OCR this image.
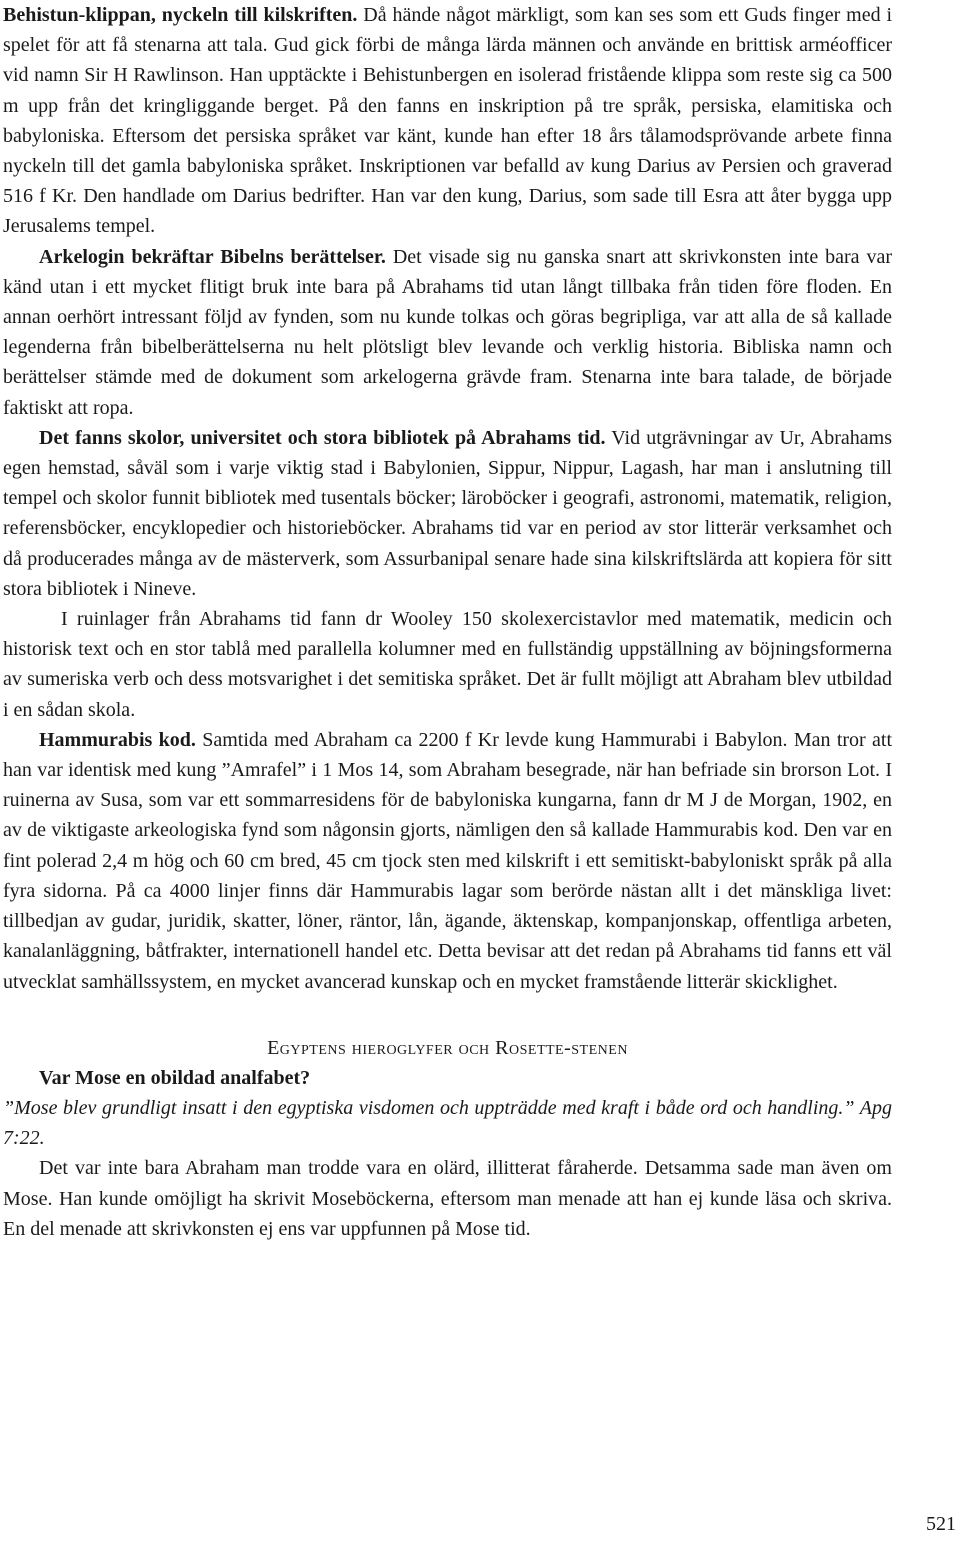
Behistun-klippan, nyckeln till kilskriften. Då hände något märkligt, som kan ses som ett Guds finger med i spelet för att få stenarna att tala. Gud gick förbi de många lärda männen och använde en brittisk arméofficer vid namn Sir H Rawlinson. Han upptäckte i Behistunbergen en isolerad fristående klippa som reste sig ca 500 m upp från det kringliggande berget. På den fanns en inskription på tre språk, persiska, elamitiska och babyloniska. Eftersom det persiska språket var känt, kunde han efter 18 års tålamodsprövande arbete finna nyckeln till det gamla babyloniska språket. Inskriptionen var befalld av kung Darius av Persien och graverad 516 f Kr. Den handlade om Darius bedrifter. Han var den kung, Darius, som sade till Esra att åter bygga upp Jerusalems tempel.

Arkelogin bekräftar Bibelns berättelser. Det visade sig nu ganska snart att skrivkonsten inte bara var känd utan i ett mycket flitigt bruk inte bara på Abrahams tid utan långt tillbaka från tiden före floden. En annan oerhört intressant följd av fynden, som nu kunde tolkas och göras begripliga, var att alla de så kallade legenderna från bibelberättelserna nu helt plötsligt blev levande och verklig historia. Bibliska namn och berättelser stämde med de dokument som arkelogerna grävde fram. Stenarna inte bara talade, de började faktiskt att ropa.

Det fanns skolor, universitet och stora bibliotek på Abrahams tid. Vid utgrävningar av Ur, Abrahams egen hemstad, såväl som i varje viktig stad i Babylonien, Sippur, Nippur, Lagash, har man i anslutning till tempel och skolor funnit bibliotek med tusentals böcker; läroböcker i geografi, astronomi, matematik, religion, referensböcker, encyklopedier och historieböcker. Abrahams tid var en period av stor litterär verksamhet och då producerades många av de mästerverk, som Assurbanipal senare hade sina kilskriftslärda att kopiera för sitt stora bibliotek i Nineve.

I ruinlager från Abrahams tid fann dr Wooley 150 skolexercistavlor med matematik, medicin och historisk text och en stor tablå med parallella kolumner med en fullständig uppställning av böjningsformerna av sumeriska verb och dess motsvarighet i det semitiska språket. Det är fullt möjligt att Abraham blev utbildad i en sådan skola.

Hammurabis kod. Samtida med Abraham ca 2200 f Kr levde kung Hammurabi i Babylon. Man tror att han var identisk med kung ”Amrafel” i 1 Mos 14, som Abraham besegrade, när han befriade sin brorson Lot. I ruinerna av Susa, som var ett sommarresidens för de babyloniska kungarna, fann dr M J de Morgan, 1902, en av de viktigaste arkeologiska fynd som någonsin gjorts, nämligen den så kallade Hammurabis kod. Den var en fint polerad 2,4 m hög och 60 cm bred, 45 cm tjock sten med kilskrift i ett semitiskt-babyloniskt språk på alla fyra sidorna. På ca 4000 linjer finns där Hammurabis lagar som berörde nästan allt i det mänskliga livet: tillbedjan av gudar, juridik, skatter, löner, räntor, lån, ägande, äktenskap, kompanjonskap, offentliga arbeten, kanalanläggning, båtfrakter, internationell handel etc. Detta bevisar att det redan på Abrahams tid fanns ett väl utvecklat samhällssystem, en mycket avancerad kunskap och en mycket framstående litterär skicklighet.

Egyptens hieroglyfer och Rosette-stenen

Var Mose en obildad analfabet?

”Mose blev grundligt insatt i den egyptiska visdomen och uppträdde med kraft i både ord och handling.” Apg 7:22.

Det var inte bara Abraham man trodde vara en olärd, illitterat fåraherde. Detsamma sade man även om Mose. Han kunde omöjligt ha skrivit Moseböckerna, eftersom man menade att han ej kunde läsa och skriva. En del menade att skrivkonsten ej ens var uppfunnen på Mose tid.

521
